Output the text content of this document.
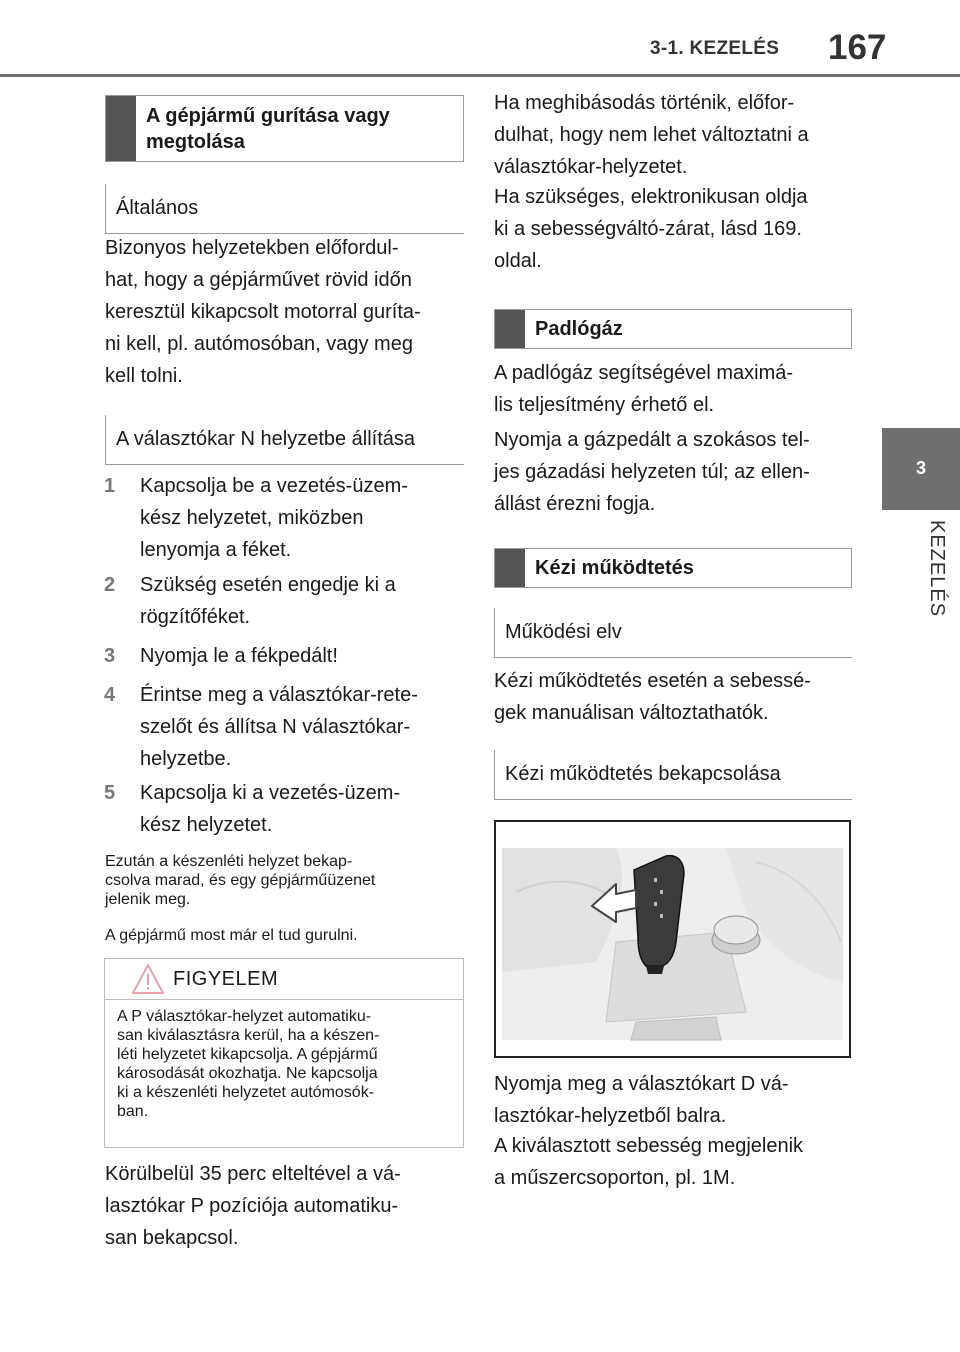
3-1. KEZELÉS 167
3
KEZELÉS
A gépjármű gurítása vagy megtolása
Általános
Bizonyos helyzetekben előfordul-
hat, hogy a gépjárművet rövid időn
keresztül kikapcsolt motorral guríta-
ni kell, pl. autómosóban, vagy meg
kell tolni.
A választókar N helyzetbe állítása
1	Kapcsolja be a vezetés-üzem-
kész helyzetet, miközben
lenyomja a féket.
2	Szükség esetén engedje ki a
rögzítőféket.
3	Nyomja le a fékpedált!
4	Érintse meg a választókar-rete-
szelőt és állítsa N választókar-
helyzetbe.
5	Kapcsolja ki a vezetés-üzem-
kész helyzetet.
Ezután a készenléti helyzet bekap-
csolva marad, és egy gépjárműüzenet
jelenik meg.
A gépjármű most már el tud gurulni.
FIGYELEM
A P választókar-helyzet automatiku-
san kiválasztásra kerül, ha a készen-
léti helyzetet kikapcsolja. A gépjármű
károsodását okozhatja. Ne kapcsolja
ki a készenléti helyzetet autómosók-
ban.
Körülbelül 35 perc elteltével a vá-
lasztókar P pozíciója automatiku-
san bekapcsol.
Ha meghibásodás történik, előfor-
dulhat, hogy nem lehet változtatni a
választókar-helyzetet.
Ha szükséges, elektronikusan oldja
ki a sebességváltó-zárat, lásd 169.
oldal.
Padlógáz
A padlógáz segítségével maximá-
lis teljesítmény érhető el.
Nyomja a gázpedált a szokásos tel-
jes gázadási helyzeten túl; az ellen-
állást érezni fogja.
Kézi működtetés
Működési elv
Kézi működtetés esetén a sebessé-
gek manuálisan változtathatók.
Kézi működtetés bekapcsolása
Nyomja meg a választókart D vá-
lasztókar-helyzetből balra.
A kiválasztott sebesség megjelenik
a műszercsoporton, pl. 1M.
